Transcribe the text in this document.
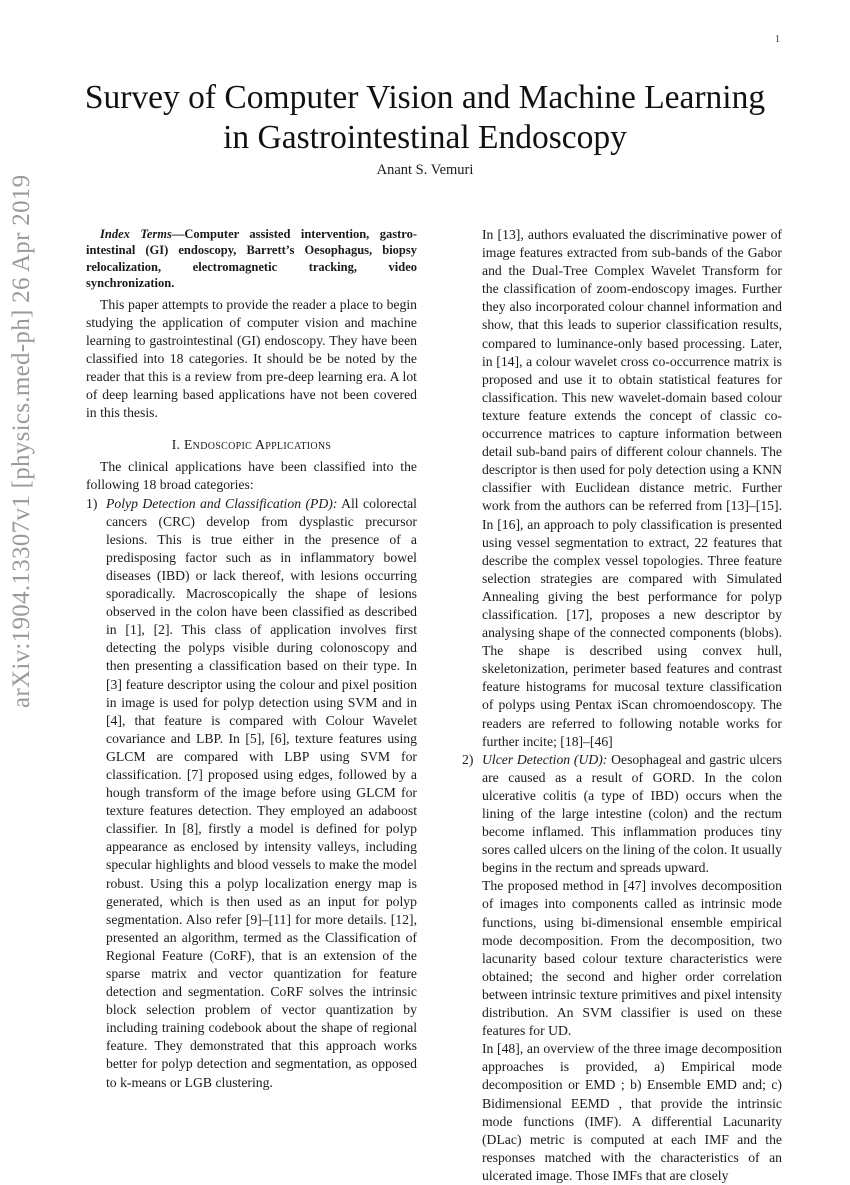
1
arXiv:1904.13307v1 [physics.med-ph] 26 Apr 2019
Survey of Computer Vision and Machine Learning
in Gastrointestinal Endoscopy
Anant S. Vemuri

Index Terms—Computer assisted intervention, gastro-intestinal (GI) endoscopy, Barrett’s Oesophagus, biopsy relocalization, electromagnetic tracking, video synchronization.

This paper attempts to provide the reader a place to begin studying the application of computer vision and machine learning to gastrointestinal (GI) endoscopy. They have been classified into 18 categories. It should be be noted by the reader that this is a review from pre-deep learning era. A lot of deep learning based applications have not been covered in this thesis.

I. Endoscopic Applications

The clinical applications have been classified into the following 18 broad categories:

1) Polyp Detection and Classification (PD): All colorectal cancers (CRC) develop from dysplastic precursor lesions. This is true either in the presence of a predisposing factor such as in inflammatory bowel diseases (IBD) or lack thereof, with lesions occurring sporadically. Macroscopically the shape of lesions observed in the colon have been classified as described in [1], [2]. This class of application involves first detecting the polyps visible during colonoscopy and then presenting a classification based on their type. In [3] feature descriptor using the colour and pixel position in image is used for polyp detection using SVM and in [4], that feature is compared with Colour Wavelet covariance and LBP. In [5], [6], texture features using GLCM are compared with LBP using SVM for classification. [7] proposed using edges, followed by a hough transform of the image before using GLCM for texture features detection. They employed an adaboost classifier. In [8], firstly a model is defined for polyp appearance as enclosed by intensity valleys, including specular highlights and blood vessels to make the model robust. Using this a polyp localization energy map is generated, which is then used as an input for polyp segmentation. Also refer [9]–[11] for more details. [12], presented an algorithm, termed as the Classification of Regional Feature (CoRF), that is an extension of the sparse matrix and vector quantization for feature detection and segmentation. CoRF solves the intrinsic block selection problem of vector quantization by including training codebook about the shape of regional feature. They demonstrated that this approach works better for polyp detection and segmentation, as opposed to k-means or LGB clustering.

In [13], authors evaluated the discriminative power of image features extracted from sub-bands of the Gabor and the Dual-Tree Complex Wavelet Transform for the classification of zoom-endoscopy images. Further they also incorporated colour channel information and show, that this leads to superior classification results, compared to luminance-only based processing. Later, in [14], a colour wavelet cross co-occurrence matrix is proposed and use it to obtain statistical features for classification. This new wavelet-domain based colour texture feature extends the concept of classic co-occurrence matrices to capture information between detail sub-band pairs of different colour channels. The descriptor is then used for poly detection using a KNN classifier with Euclidean distance metric. Further work from the authors can be referred from [13]–[15]. In [16], an approach to poly classification is presented using vessel segmentation to extract, 22 features that describe the complex vessel topologies. Three feature selection strategies are compared with Simulated Annealing giving the best performance for polyp classification. [17], proposes a new descriptor by analysing shape of the connected components (blobs). The shape is described using convex hull, skeletonization, perimeter based features and contrast feature histograms for mucosal texture classification of polyps using Pentax iScan chromoendoscopy. The readers are referred to following notable works for further incite; [18]–[46]

2) Ulcer Detection (UD): Oesophageal and gastric ulcers are caused as a result of GORD. In the colon ulcerative colitis (a type of IBD) occurs when the lining of the large intestine (colon) and the rectum become inflamed. This inflammation produces tiny sores called ulcers on the lining of the colon. It usually begins in the rectum and spreads upward.

The proposed method in [47] involves decomposition of images into components called as intrinsic mode functions, using bi-dimensional ensemble empirical mode decomposition. From the decomposition, two lacunarity based colour texture characteristics were obtained; the second and higher order correlation between intrinsic texture primitives and pixel intensity distribution. An SVM classifier is used on these features for UD.

In [48], an overview of the three image decomposition approaches is provided, a) Empirical mode decomposition or EMD ; b) Ensemble EMD and; c) Bidimensional EEMD , that provide the intrinsic mode functions (IMF). A differential Lacunarity (DLac) metric is computed at each IMF and the responses matched with the characteristics of an ulcerated image. Those IMFs that are closely
